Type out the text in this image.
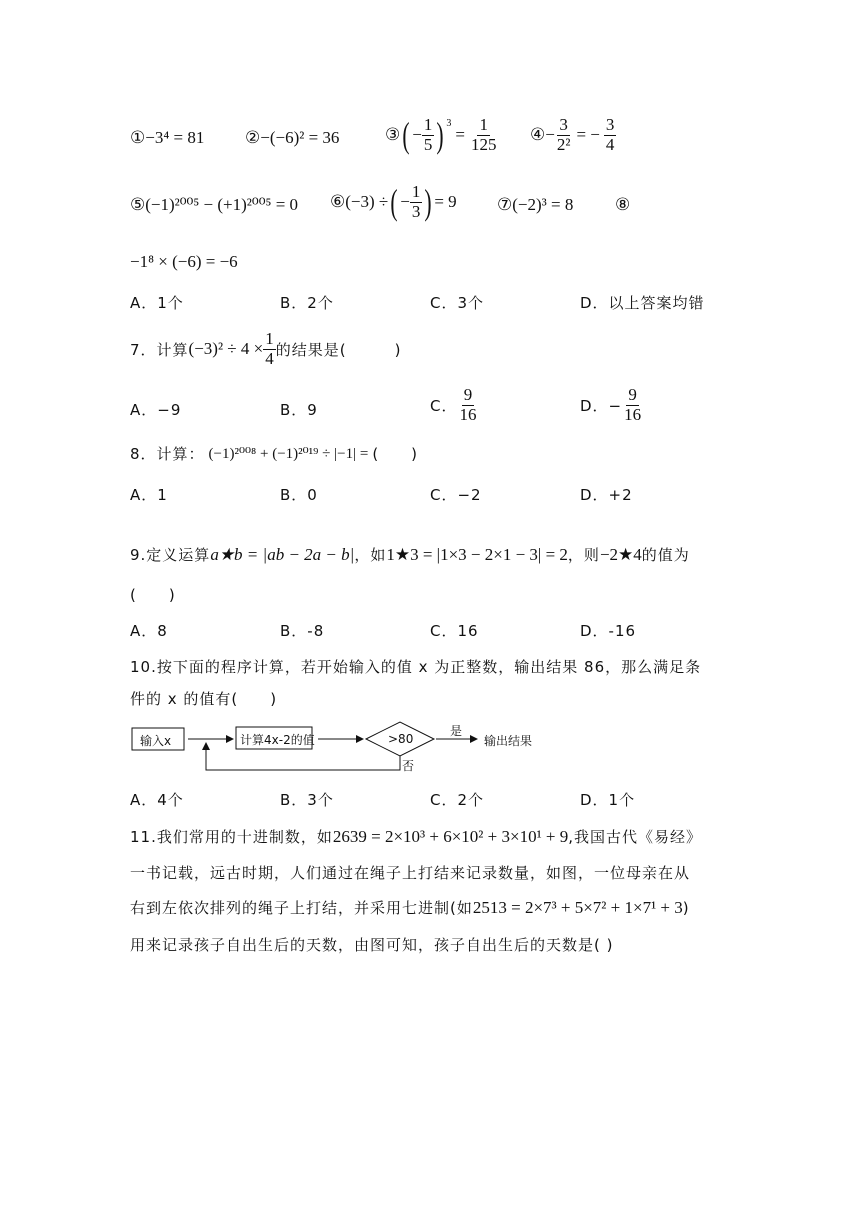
①−3⁴ = 81 ②−(−6)² = 36	③ ( − $\frac{1}{5} )^3$
= $\frac{1}{125}$ ④− $\frac{3}{\text{2²}}$ = − $\frac{3}{4}$
⑤(−1)²⁰⁰⁵ − (+1)²⁰⁰⁵ = 0 ⑥(−3) ÷ ( − $\frac{1}{3}$ ) = 9 ⑦(−2)³ = 8 ⑧
−1⁸ × (−6) = −6
A．1个	B．2个	C．3个	D．以上答案均错
7．计算 $(-3)^2 \div 4 \times \frac{1}{4}$ 的结果是(　　　)
A．−9	B．9	C． $\frac{9}{16}$	D．− $\frac{9}{16}$
8．计算： (−1)²⁰⁰⁸ + (−1)²⁰¹⁹ ÷ |−1| = (　　)
A．1	B．0	C．−2	D．+2
9.定义运算 a★b = |ab − 2a − b| ，如 1★3 = |1×3 − 2×1 − 3| = 2 ，则 −2★4 的值为
(　　)
A．8	B．-8	C．16	D．-16
10.按下面的程序计算，若开始输入的值 x 为正整数，输出结果 86，那么满足条
件的 x 的值有(　　)
输入x	计算4x-2的值	>80
是
输出结果
否
A．4个	B．3个	C．2个	D．1个
11.我们常用的十进制数，如 2639 = 2×10³ + 6×10² + 3×10¹ + 9 ,我国古代《易经》
一书记载，远古时期，人们通过在绳子上打结来记录数量，如图，一位母亲在从
右到左依次排列的绳子上打结，并采用七进制(如 2513 = 2×7³ + 5×7² + 1×7¹ + 3 )
用来记录孩子自出生后的天数，由图可知，孩子自出生后的天数是( )
